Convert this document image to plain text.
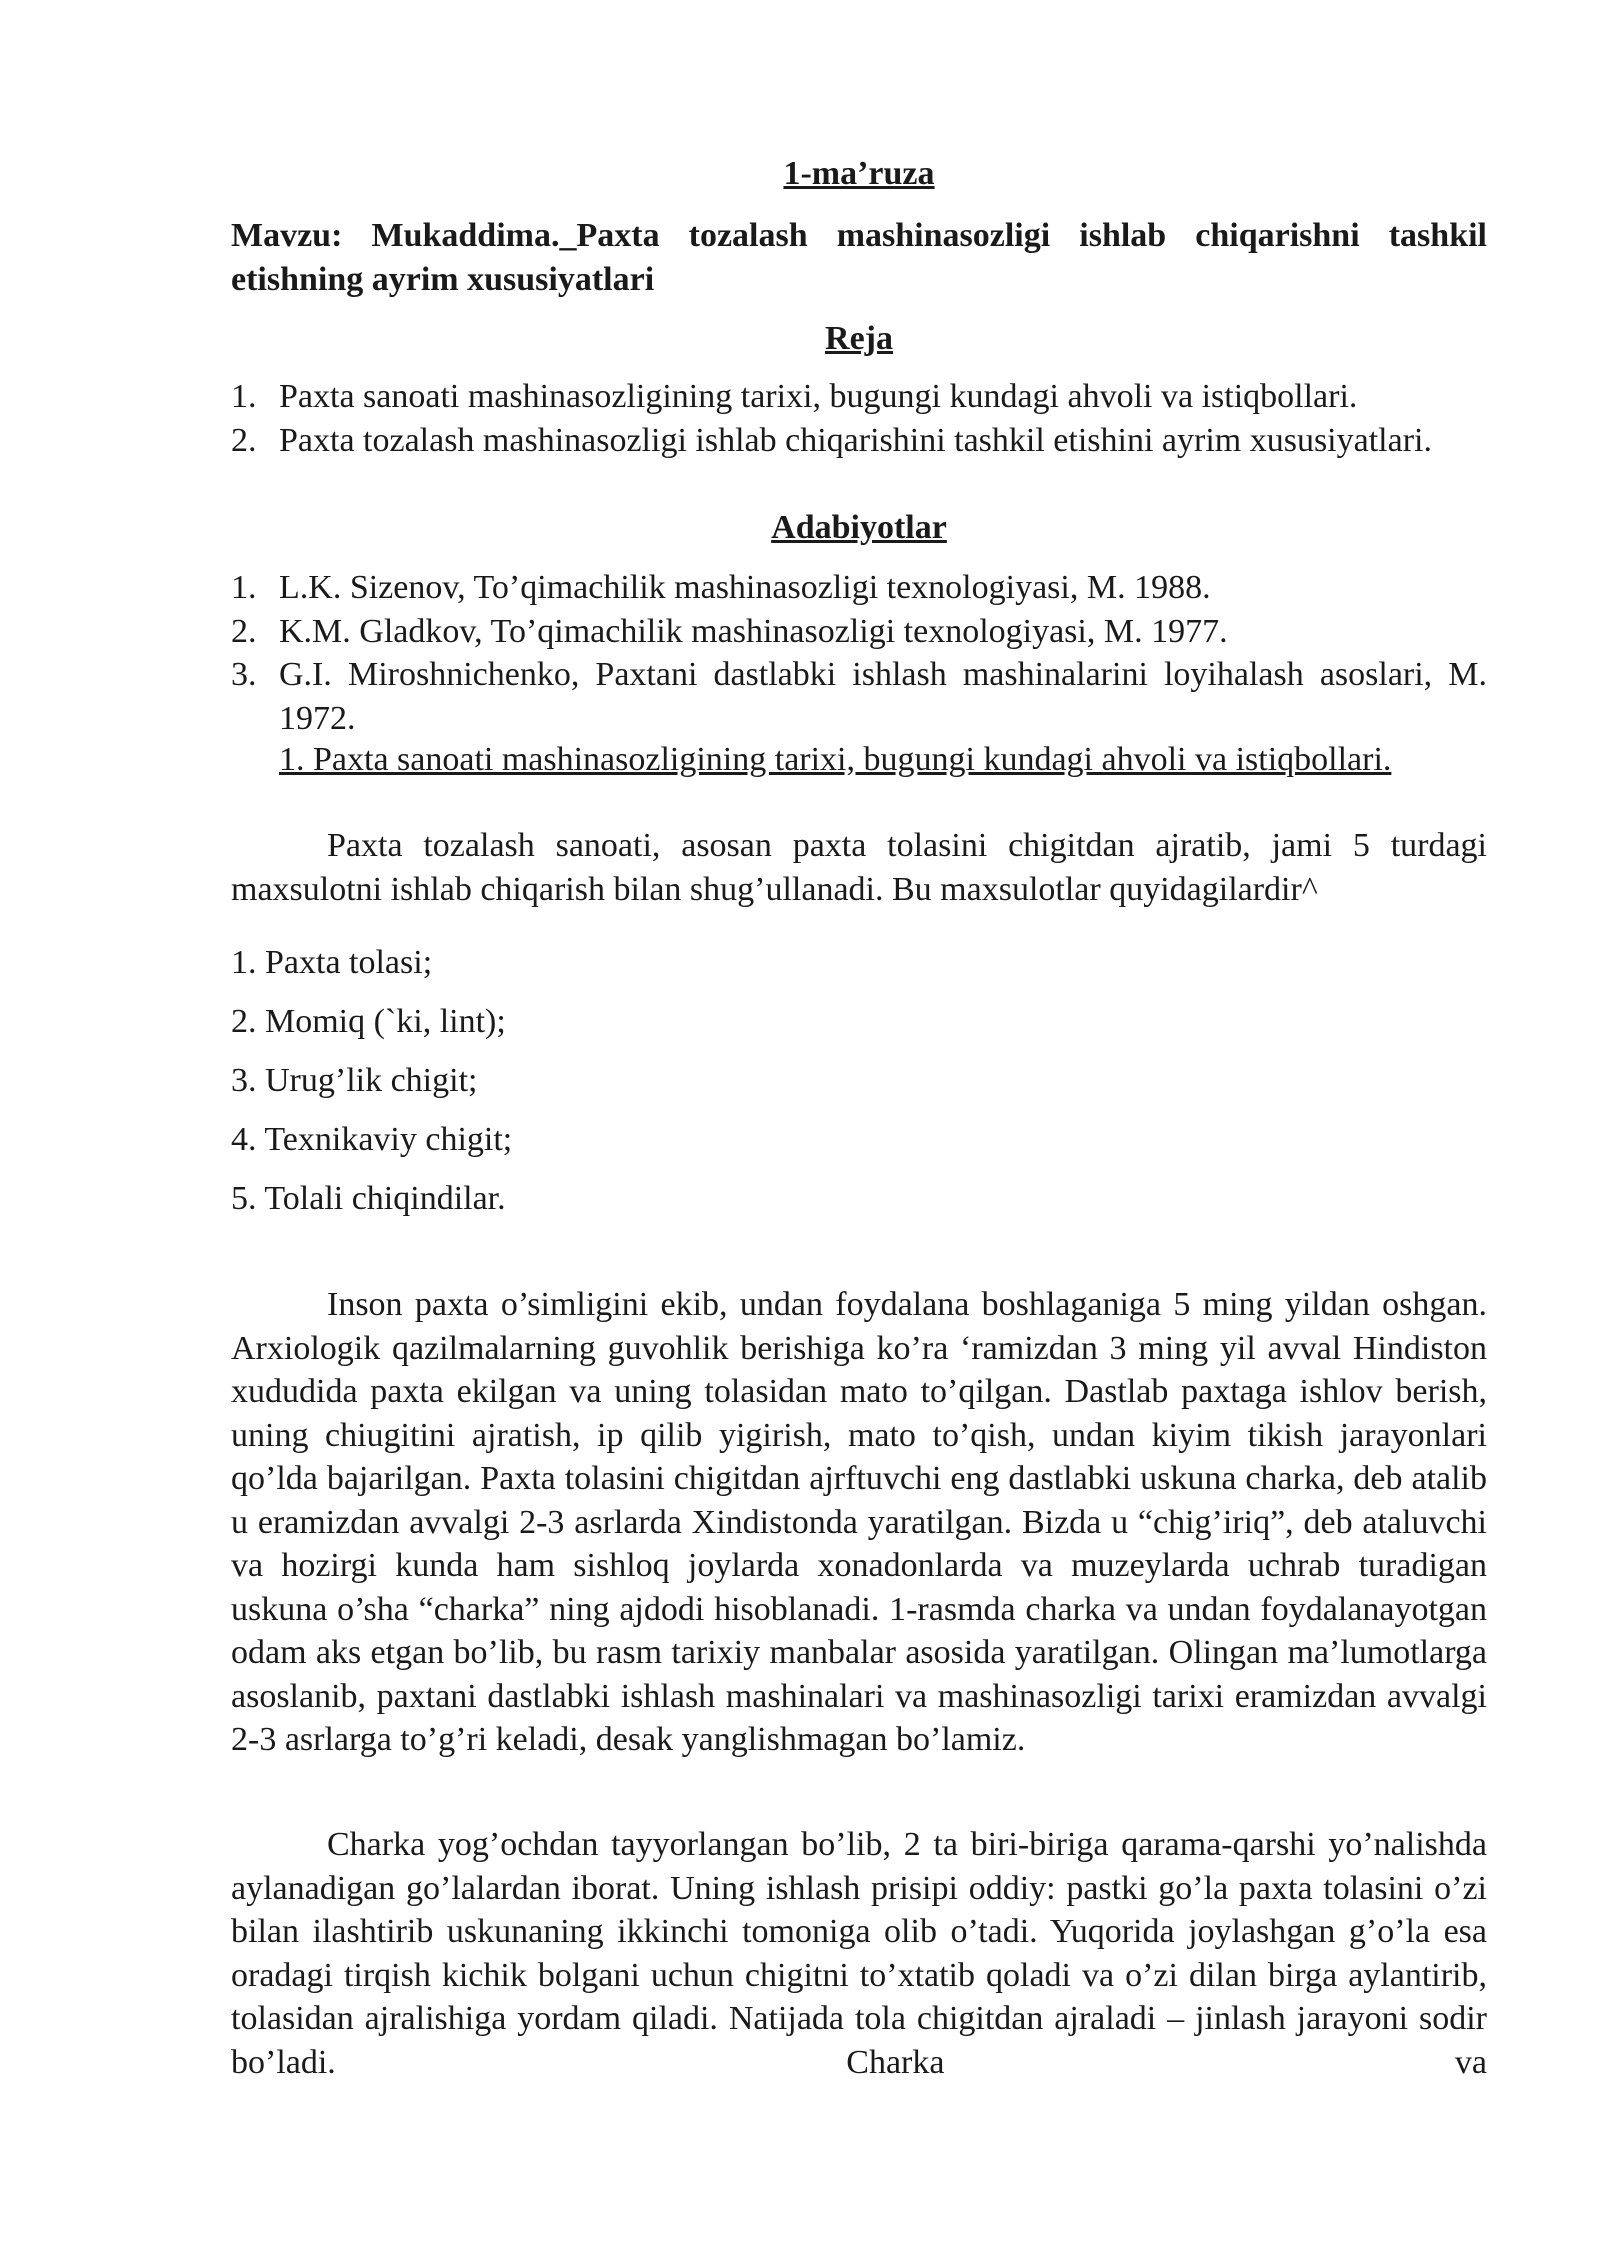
1-ma’ruza
Mavzu: Mukaddima._Paxta tozalash mashinasozligi ishlab chiqarishni tashkil etishning ayrim xususiyatlari
Reja
1. Paxta sanoati mashinasozligining tarixi, bugungi kundagi ahvoli va istiqbollari.
2. Paxta tozalash mashinasozligi ishlab chiqarishini tashkil etishini ayrim xususiyatlari.
Adabiyotlar
1. L.K. Sizenov, To’qimachilik mashinasozligi texnologiyasi, M. 1988.
2. K.M. Gladkov, To’qimachilik mashinasozligi texnologiyasi, M. 1977.
3. G.I. Miroshnichenko, Paxtani dastlabki ishlash mashinalarini loyihalash asoslari, M. 1972.
1. Paxta sanoati mashinasozligining tarixi, bugungi kundagi ahvoli va istiqbollari.

Paxta tozalash sanoati, asosan paxta tolasini chigitdan ajratib, jami 5 turdagi maxsulotni ishlab chiqarish bilan shug’ullanadi. Bu maxsulotlar quyidagilardir^

1. Paxta tolasi;

2. Momiq (`ki, lint);

3. Urug’lik chigit;

4. Texnikaviy chigit;

5. Tolali chiqindilar.

Inson paxta o’simligini ekib, undan foydalana boshlaganiga 5 ming yildan oshgan. Arxiologik qazilmalarning guvohlik berishiga ko’ra ‘ramizdan 3 ming yil avval Hindiston xududida paxta ekilgan va uning tolasidan mato to’qilgan. Dastlab paxtaga ishlov berish, uning chiugitini ajratish, ip qilib yigirish, mato to’qish, undan kiyim tikish jarayonlari qo’lda bajarilgan. Paxta tolasini chigitdan ajrftuvchi eng dastlabki uskuna charka, deb atalib u eramizdan avvalgi 2-3 asrlarda Xindistonda yaratilgan. Bizda u “chig’iriq”, deb ataluvchi va hozirgi kunda ham sishloq joylarda xonadonlarda va muzeylarda uchrab turadigan uskuna o’sha “charka” ning ajdodi hisoblanadi. 1-rasmda charka va undan foydalanayotgan odam aks etgan bo’lib, bu rasm tarixiy manbalar asosida yaratilgan. Olingan ma’lumotlarga asoslanib, paxtani dastlabki ishlash mashinalari va mashinasozligi tarixi eramizdan avvalgi 2-3 asrlarga to’g’ri keladi, desak yanglishmagan bo’lamiz.

Charka yog’ochdan tayyorlangan bo’lib, 2 ta biri-biriga qarama-qarshi yo’nalishda aylanadigan go’lalardan iborat. Uning ishlash prisipi oddiy: pastki go’la paxta tolasini o’zi bilan ilashtirib uskunaning ikkinchi tomoniga olib o’tadi. Yuqorida joylashgan g’o’la esa oradagi tirqish kichik bolgani uchun chigitni to’xtatib qoladi va o’zi dilan birga aylantirib, tolasidan ajralishiga yordam qiladi. Natijada tola chigitdan ajraladi – jinlash jarayoni sodir bo’ladi. Charka va
